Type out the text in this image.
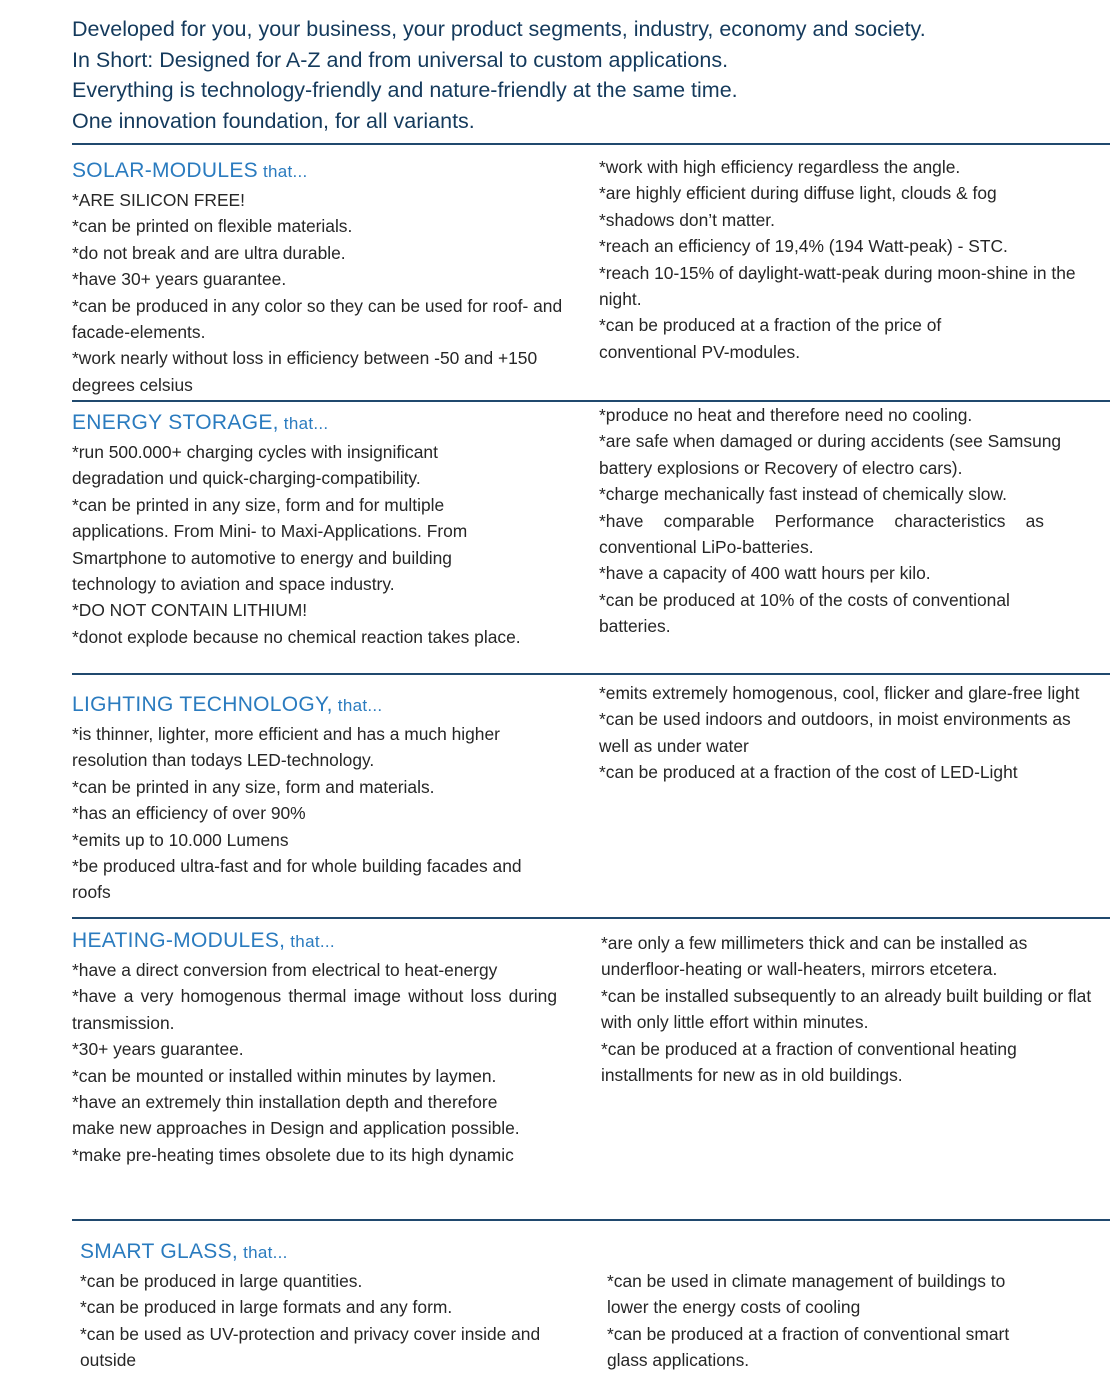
Developed for you, your business, your product segments, industry, economy and society.
In Short: Designed for A-Z and from universal to custom applications.
Everything is technology-friendly and nature-friendly at the same time.
One innovation foundation, for all variants.
SOLAR-MODULES that...
*ARE SILICON FREE!
*can be printed on flexible materials.
*do not break and are ultra durable.
*have 30+ years guarantee.
*can be produced in any color so they can be used for roof- and facade-elements.
*work nearly without loss in efficiency between -50 and +150 degrees celsius
*work with high efficiency regardless the angle.
*are highly efficient during diffuse light, clouds & fog
*shadows don’t matter.
*reach an efficiency of 19,4% (194 Watt-peak) - STC.
*reach 10-15% of daylight-watt-peak during moon-shine in the night.
*can be produced at a fraction of the price of conventional PV-modules.
ENERGY STORAGE, that...
*run 500.000+ charging cycles with insignificant degradation und quick-charging-compatibility.
*can be printed in any size, form and for multiple applications. From Mini- to Maxi-Applications. From Smartphone to automotive to energy and building technology to aviation and space industry.
*DO NOT CONTAIN LITHIUM!
*donot explode because no chemical reaction takes place.
*produce no heat and therefore need no cooling.
*are safe when damaged or during accidents (see Samsung battery explosions or Recovery of electro cars).
*charge mechanically fast instead of chemically slow.
*have comparable Performance characteristics as conventional LiPo-batteries.
*have a capacity of 400 watt hours per kilo.
*can be produced at 10% of the costs of conventional batteries.
LIGHTING TECHNOLOGY, that...
*is thinner, lighter, more efficient and has a much higher resolution than todays LED-technology.
*can be printed in any size, form and materials.
*has an efficiency of over 90%
*emits up to 10.000 Lumens
*be produced ultra-fast and for whole building facades and roofs
*emits extremely homogenous, cool, flicker and glare-free light
*can be used indoors and outdoors, in moist environments as well as under water
*can be produced at a fraction of the cost of LED-Light
HEATING-MODULES, that...
*have a direct conversion from electrical to heat-energy
*have a very homogenous thermal image without loss during transmission.
*30+ years guarantee.
*can be mounted or installed within minutes by laymen.
*have an extremely thin installation depth and therefore make new approaches in Design and application possible.
*make pre-heating times obsolete due to its high dynamic
*are only a few millimeters thick and can be installed as underfloor-heating or wall-heaters, mirrors etcetera.
*can be installed subsequently to an already built building or flat with only little effort within minutes.
*can be produced at a fraction of conventional heating installments for new as in old buildings.
SMART GLASS, that...
*can be produced in large quantities.
*can be produced in large formats and any form.
*can be used as UV-protection and privacy cover inside and outside
*can be used in climate management of buildings to lower the energy costs of cooling
*can be produced at a fraction of conventional smart glass applications.
